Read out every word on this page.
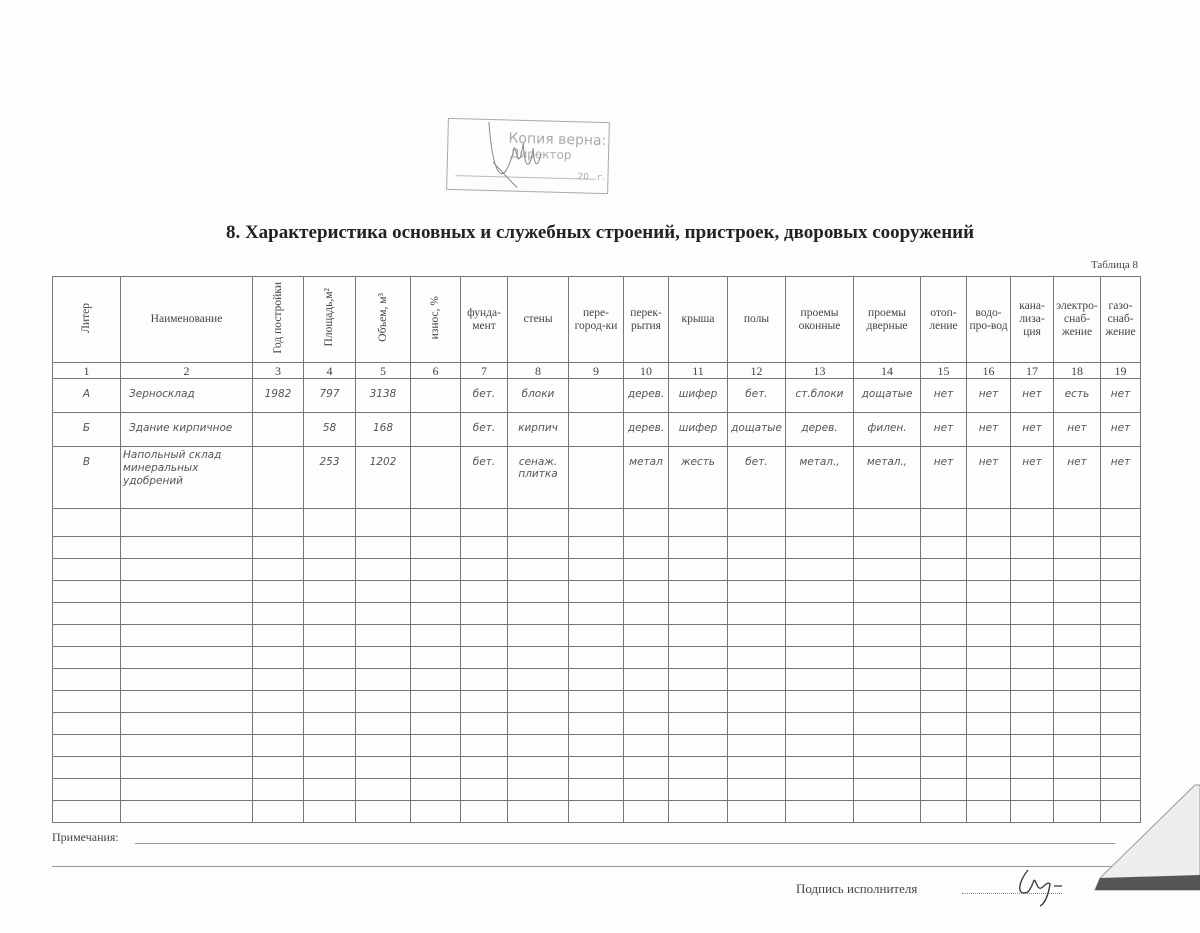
Копия верна:
Директор
20 г.
8. Характеристика основных и служебных строений, пристроек, дворовых сооружений
Таблица 8
Литер	Наименование	Год постройки	Площадь,м²	Объем, м³	износ, %	фунда-мент	стены	пере-город-ки	перек-рытия	крыша	полы	проемы оконные	проемы дверные	отоп-ление	водо-про-вод	кана-лиза-ция	электро-снаб-жение	газо-снаб-жение
1	2	3	4	5	6	7	8	9	10	11	12	13	14	15	16	17	18	19
А	Зерносклад	1982	797	3138		бет.	блоки		дерев.	шифер	бет.	ст.блоки	дощатые	нет	нет	нет	есть	нет
Б	Здание кирпичное		58	168		бет.	кирпич		дерев.	шифер	дощатые	дерев.	филен.	нет	нет	нет	нет	нет
В	Напольный склад минеральных удобрений		253	1202		бет.	сенаж. плитка		метал	жесть	бет.	метал.,	метал.,	нет	нет	нет	нет	нет

Примечания:
Подпись исполнителя
